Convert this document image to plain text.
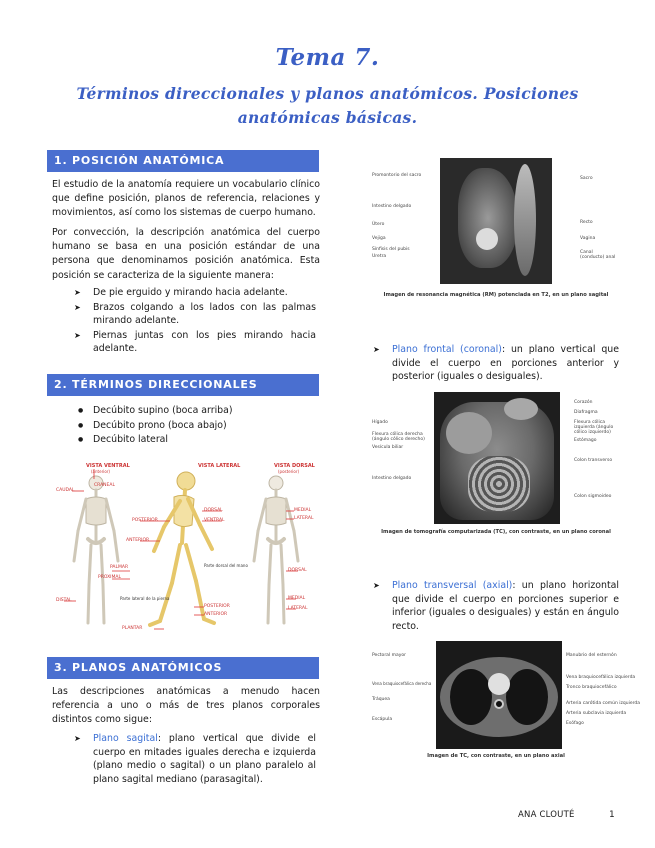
Tema 7.
Términos direccionales y planos anatómicos. Posiciones anatómicas básicas.
1. POSICIÓN ANATÓMICA
El estudio de la anatomía requiere un vocabulario clínico que define posición, planos de referencia, relaciones y movimientos, así como los sistemas de cuerpo humano.
Por convección, la descripción anatómica del cuerpo humano se basa en una posición estándar de una persona que denominamos posición anatómica. Esta posición se caracteriza de la siguiente manera:
➤ De pie erguido y mirando hacia adelante.
➤ Brazos colgando a los lados con las palmas mirando adelante.
➤ Piernas juntas con los pies mirando hacia adelante.
2. TÉRMINOS DIRECCIONALES
● Decúbito supino (boca arriba)
● Decúbito prono (boca abajo)
● Decúbito lateral
VISTA VENTRAL
(anterior)
VISTA LATERAL	VISTA DORSAL
(posterior)
CRANEAL
CAUDAL
POSTERIOR
ANTERIOR
DORSAL
VENTRAL
MEDIAL
LATERAL
PALMAR
PROXIMAL
Parte dorsal del mano
Parte lateral de la pierna
DORSAL
DISTAL
POSTERIOR
ANTERIOR
MEDIAL
LATERAL
PLANTAR
3. PLANOS ANATÓMICOS
Las descripciones anatómicas a menudo hacen referencia a uno o más de tres planos corporales distintos como sigue:
➤ Plano sagital: plano vertical que divide el cuerpo en mitades iguales derecha e izquierda (plano medio o sagital) o un plano paralelo al plano sagital mediano (parasagital).
Promontorio del sacro
Intestino delgado
Útero
Vejiga
Sínfisis del pubis
Uretra
Sacro
Recto
Vagina
Canal (conducto) anal
Imagen de resonancia magnética (RM) potenciada en T2, en un plano sagital
➤ Plano frontal (coronal): un plano vertical que divide el cuerpo en porciones anterior y posterior (iguales o desiguales).
Hígado
Flexura cólica derecha (ángulo cólico derecho)
Vesícula biliar
Intestino delgado
Corazón
Diafragma
Flexura cólica izquierda (ángulo cólico izquierdo)
Estómago
Colon transverso
Colon sigmoideo
Imagen de tomografía computarizada (TC), con contraste, en un plano coronal
➤ Plano transversal (axial): un plano horizontal que divide el cuerpo en porciones superior e inferior (iguales o desiguales) y están en ángulo recto.
Pectoral mayor
Vena braquiocefálica derecha
Tráquea
Escápula
Manubrio del esternón
Vena braquiocefálica izquierda
Tronco braquiocefálico
Arteria carótida común izquierda
Arteria subclavia izquierda
Esófago
Imagen de TC, con contraste, en un plano axial
ANA CLOUTÉ	1
